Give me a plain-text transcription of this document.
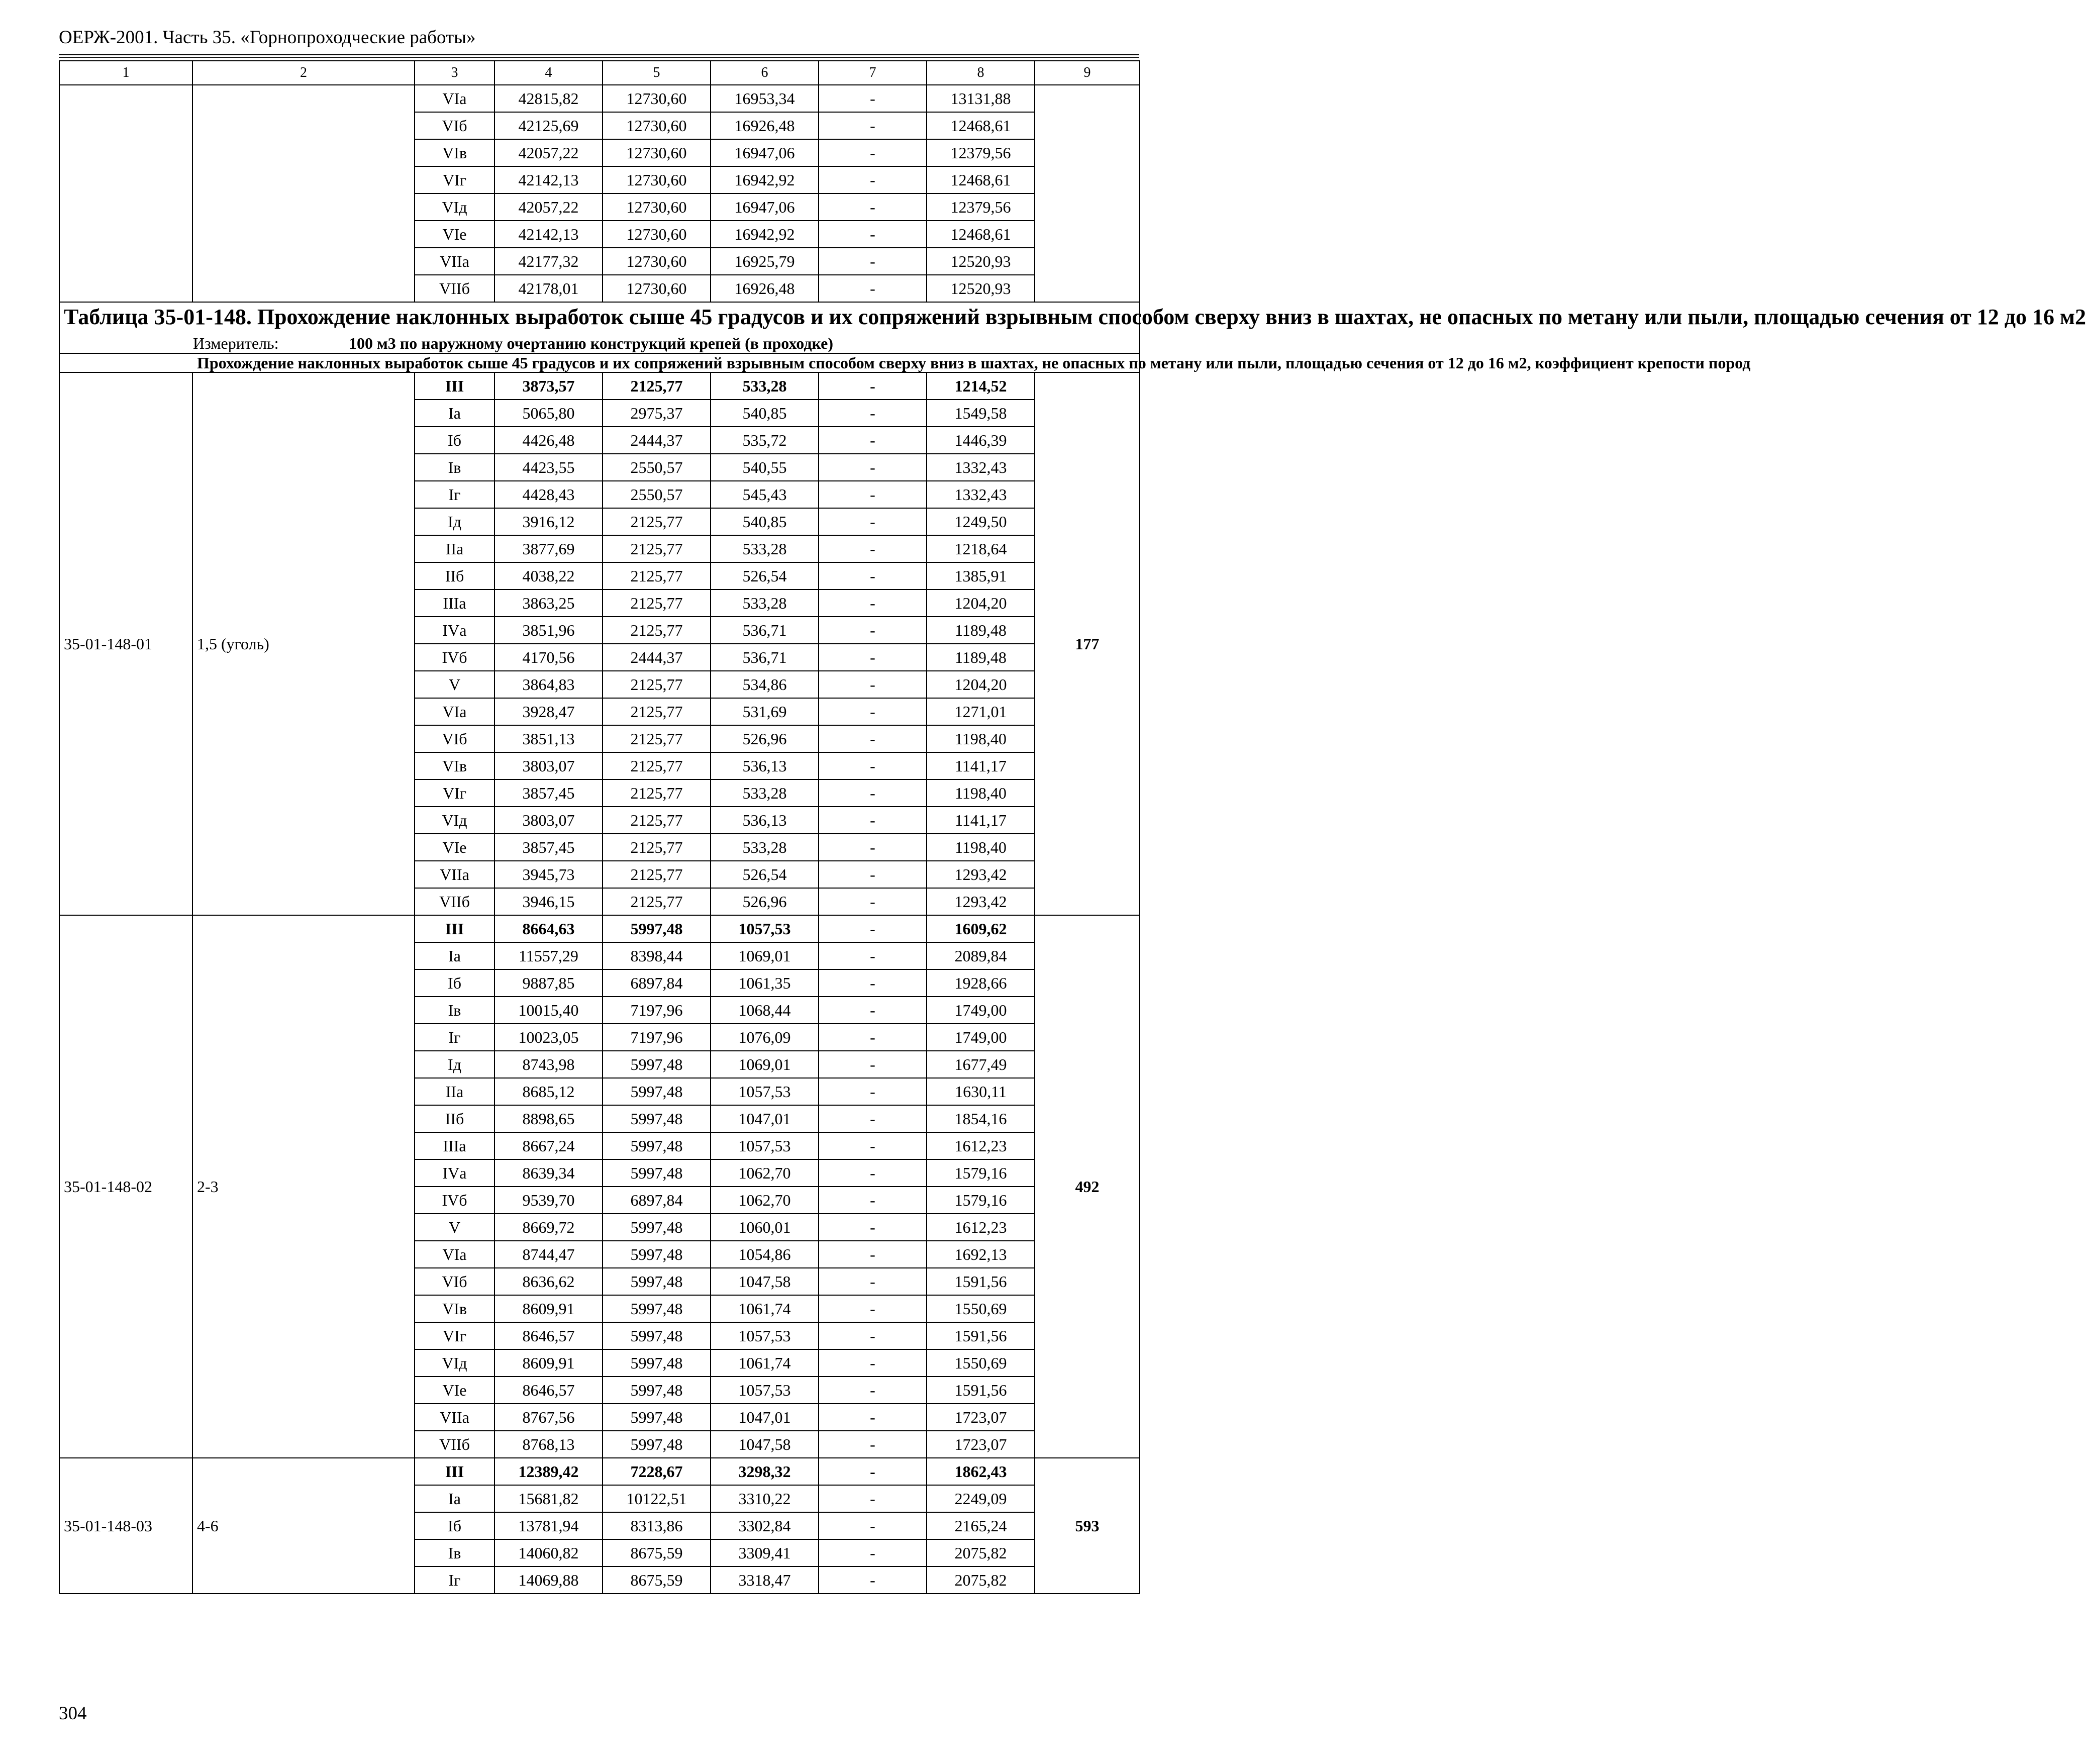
ОЕРЖ-2001. Часть 35. «Горнопроходческие работы»
1	2	3	4	5	6	7	8	9
		VIа	42815,82	12730,60	16953,34	-	13131,88	
		VIб	42125,69	12730,60	16926,48	-	12468,61	
		VIв	42057,22	12730,60	16947,06	-	12379,56	
		VIг	42142,13	12730,60	16942,92	-	12468,61	
		VIд	42057,22	12730,60	16947,06	-	12379,56	
		VIе	42142,13	12730,60	16942,92	-	12468,61	
		VIIа	42177,32	12730,60	16925,79	-	12520,93	
		VIIб	42178,01	12730,60	16926,48	-	12520,93	

Таблица 35-01-148. Прохождение наклонных выработок сыше 45 градусов и их сопряжений взрывным способом сверху вниз в шахтах, не опасных по метану или пыли, площадью сечения от 12 до 16 м2
Измеритель: 100 м3 по наружному очертанию конструкций крепей (в проходке)								

Прохождение наклонных выработок сыше 45 градусов и их сопряжений взрывным способом сверху вниз в шахтах, не опасных по метану или пыли, площадью сечения от 12 до 16 м2, коэффициент крепости пород								

35-01-148-01	1,5 (уголь)	III	3873,57	2125,77	533,28	-	1214,52	177
		Iа	5065,80	2975,37	540,85	-	1549,58	
		Iб	4426,48	2444,37	535,72	-	1446,39	
		Iв	4423,55	2550,57	540,55	-	1332,43	
		Iг	4428,43	2550,57	545,43	-	1332,43	
		Iд	3916,12	2125,77	540,85	-	1249,50	
		IIа	3877,69	2125,77	533,28	-	1218,64	
		IIб	4038,22	2125,77	526,54	-	1385,91	
		IIIа	3863,25	2125,77	533,28	-	1204,20	
		IVа	3851,96	2125,77	536,71	-	1189,48	
		IVб	4170,56	2444,37	536,71	-	1189,48	
		V	3864,83	2125,77	534,86	-	1204,20	
		VIа	3928,47	2125,77	531,69	-	1271,01	
		VIб	3851,13	2125,77	526,96	-	1198,40	
		VIв	3803,07	2125,77	536,13	-	1141,17	
		VIг	3857,45	2125,77	533,28	-	1198,40	
		VIд	3803,07	2125,77	536,13	-	1141,17	
		VIе	3857,45	2125,77	533,28	-	1198,40	
		VIIа	3945,73	2125,77	526,54	-	1293,42	
		VIIб	3946,15	2125,77	526,96	-	1293,42	
35-01-148-02	2-3	III	8664,63	5997,48	1057,53	-	1609,62	492
		Iа	11557,29	8398,44	1069,01	-	2089,84	
		Iб	9887,85	6897,84	1061,35	-	1928,66	
		Iв	10015,40	7197,96	1068,44	-	1749,00	
		Iг	10023,05	7197,96	1076,09	-	1749,00	
		Iд	8743,98	5997,48	1069,01	-	1677,49	
		IIа	8685,12	5997,48	1057,53	-	1630,11	
		IIб	8898,65	5997,48	1047,01	-	1854,16	
		IIIа	8667,24	5997,48	1057,53	-	1612,23	
		IVа	8639,34	5997,48	1062,70	-	1579,16	
		IVб	9539,70	6897,84	1062,70	-	1579,16	
		V	8669,72	5997,48	1060,01	-	1612,23	
		VIа	8744,47	5997,48	1054,86	-	1692,13	
		VIб	8636,62	5997,48	1047,58	-	1591,56	
		VIв	8609,91	5997,48	1061,74	-	1550,69	
		VIг	8646,57	5997,48	1057,53	-	1591,56	
		VIд	8609,91	5997,48	1061,74	-	1550,69	
		VIе	8646,57	5997,48	1057,53	-	1591,56	
		VIIа	8767,56	5997,48	1047,01	-	1723,07	
		VIIб	8768,13	5997,48	1047,58	-	1723,07	
35-01-148-03	4-6	III	12389,42	7228,67	3298,32	-	1862,43	593
		Iа	15681,82	10122,51	3310,22	-	2249,09	
		Iб	13781,94	8313,86	3302,84	-	2165,24	
		Iв	14060,82	8675,59	3309,41	-	2075,82	
		Iг	14069,88	8675,59	3318,47	-	2075,82	
304
